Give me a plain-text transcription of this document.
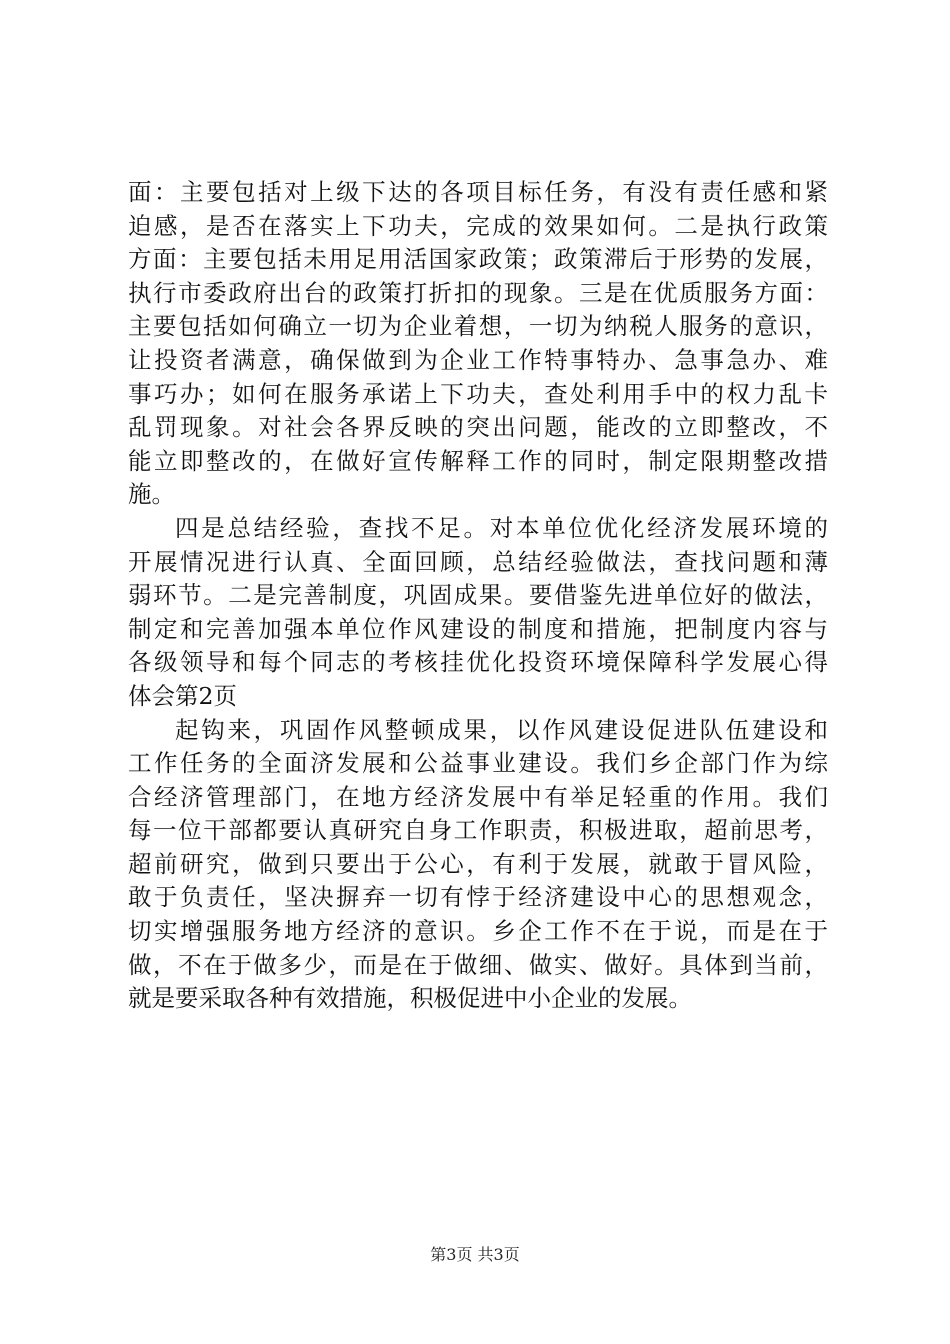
面：主要包括对上级下达的各项目标任务，有没有责任感和紧
迫感，是否在落实上下功夫，完成的效果如何。二是执行政策
方面：主要包括未用足用活国家政策；政策滞后于形势的发展，
执行市委政府出台的政策打折扣的现象。三是在优质服务方面：
主要包括如何确立一切为企业着想，一切为纳税人服务的意识，
让投资者满意，确保做到为企业工作特事特办、急事急办、难
事巧办；如何在服务承诺上下功夫，查处利用手中的权力乱卡
乱罚现象。对社会各界反映的突出问题，能改的立即整改，不
能立即整改的，在做好宣传解释工作的同时，制定限期整改措
施。
四是总结经验，查找不足。对本单位优化经济发展环境的
开展情况进行认真、全面回顾，总结经验做法，查找问题和薄
弱环节。二是完善制度，巩固成果。要借鉴先进单位好的做法，
制定和完善加强本单位作风建设的制度和措施，把制度内容与
各级领导和每个同志的考核挂优化投资环境保障科学发展心得
体会第2页
起钩来，巩固作风整顿成果，以作风建设促进队伍建设和
工作任务的全面济发展和公益事业建设。我们乡企部门作为综
合经济管理部门，在地方经济发展中有举足轻重的作用。我们
每一位干部都要认真研究自身工作职责，积极进取，超前思考，
超前研究，做到只要出于公心，有利于发展，就敢于冒风险，
敢于负责任，坚决摒弃一切有悖于经济建设中心的思想观念，
切实增强服务地方经济的意识。乡企工作不在于说，而是在于
做，不在于做多少，而是在于做细、做实、做好。具体到当前，
就是要采取各种有效措施，积极促进中小企业的发展。
第3页 共3页
